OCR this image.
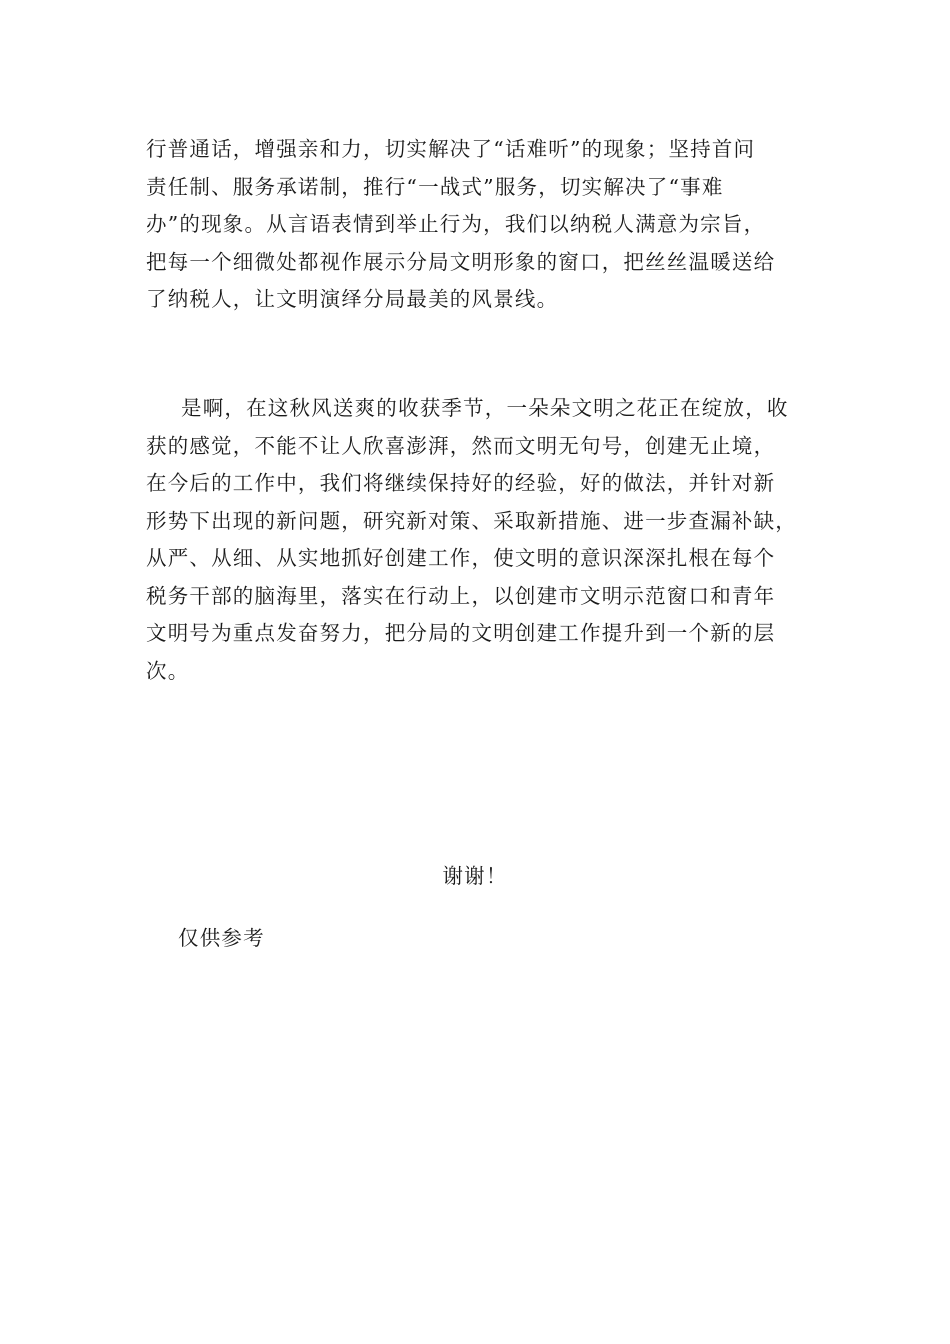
行普通话，增强亲和力，切实解决了“话难听”的现象；坚持首问
责任制、服务承诺制，推行“一战式”服务，切实解决了“事难
办”的现象。从言语表情到举止行为，我们以纳税人满意为宗旨，
把每一个细微处都视作展示分局文明形象的窗口，把丝丝温暖送给
了纳税人，让文明演绎分局最美的风景线。
是啊，在这秋风送爽的收获季节，一朵朵文明之花正在绽放，收
获的感觉，不能不让人欣喜澎湃，然而文明无句号，创建无止境，
在今后的工作中，我们将继续保持好的经验，好的做法，并针对新
形势下出现的新问题，研究新对策、采取新措施、进一步查漏补缺，
从严、从细、从实地抓好创建工作，使文明的意识深深扎根在每个
税务干部的脑海里，落实在行动上，以创建市文明示范窗口和青年
文明号为重点发奋努力，把分局的文明创建工作提升到一个新的层
次。
谢谢！
仅供参考
